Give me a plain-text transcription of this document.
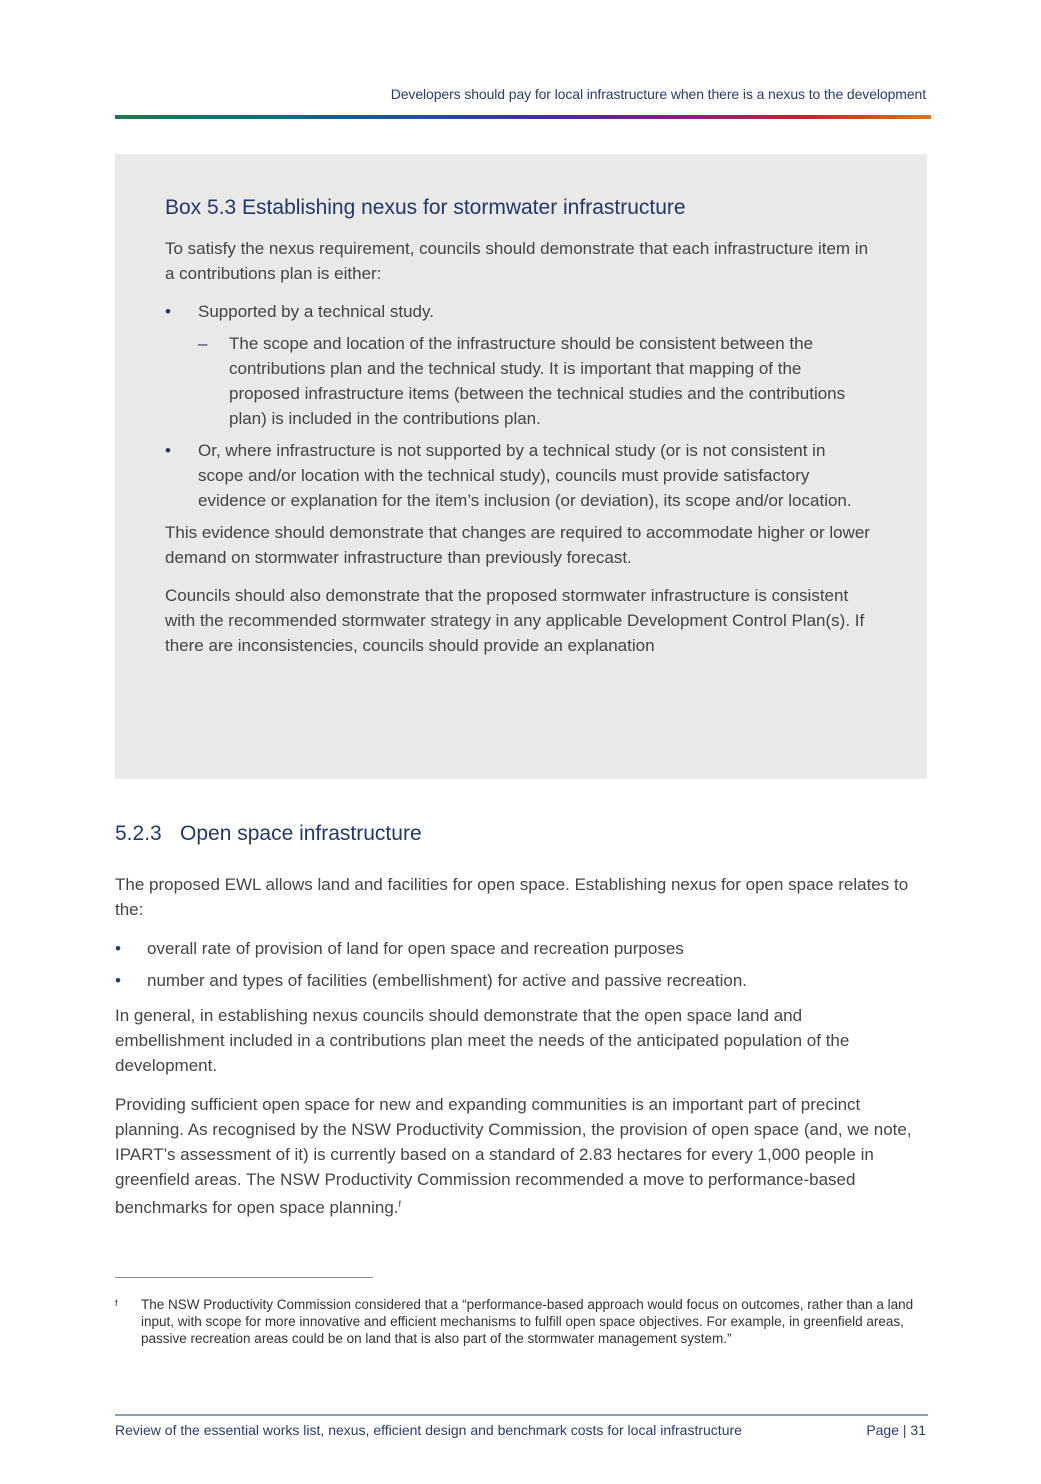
Developers should pay for local infrastructure when there is a nexus to the development
Box 5.3 Establishing nexus for stormwater infrastructure

To satisfy the nexus requirement, councils should demonstrate that each infrastructure item in a contributions plan is either:

• Supported by a technical study.
– The scope and location of the infrastructure should be consistent between the contributions plan and the technical study. It is important that mapping of the proposed infrastructure items (between the technical studies and the contributions plan) is included in the contributions plan.
• Or, where infrastructure is not supported by a technical study (or is not consistent in scope and/or location with the technical study), councils must provide satisfactory evidence or explanation for the item’s inclusion (or deviation), its scope and/or location.

This evidence should demonstrate that changes are required to accommodate higher or lower demand on stormwater infrastructure than previously forecast.

Councils should also demonstrate that the proposed stormwater infrastructure is consistent with the recommended stormwater strategy in any applicable Development Control Plan(s). If there are inconsistencies, councils should provide an explanation

5.2.3 Open space infrastructure

The proposed EWL allows land and facilities for open space. Establishing nexus for open space relates to the:

• overall rate of provision of land for open space and recreation purposes
• number and types of facilities (embellishment) for active and passive recreation.

In general, in establishing nexus councils should demonstrate that the open space land and embellishment included in a contributions plan meet the needs of the anticipated population of the development.

Providing sufficient open space for new and expanding communities is an important part of precinct planning. As recognised by the NSW Productivity Commission, the provision of open space (and, we note, IPART’s assessment of it) is currently based on a standard of 2.83 hectares for every 1,000 people in greenfield areas. The NSW Productivity Commission recommended a move to performance-based benchmarks for open space planning.$^f$

f	The NSW Productivity Commission considered that a “performance-based approach would focus on outcomes, rather than a land input, with scope for more innovative and efficient mechanisms to fulfill open space objectives. For example, in greenfield areas, passive recreation areas could be on land that is also part of the stormwater management system.”
Review of the essential works list, nexus, efficient design and benchmark costs for local infrastructure	Page | 31
